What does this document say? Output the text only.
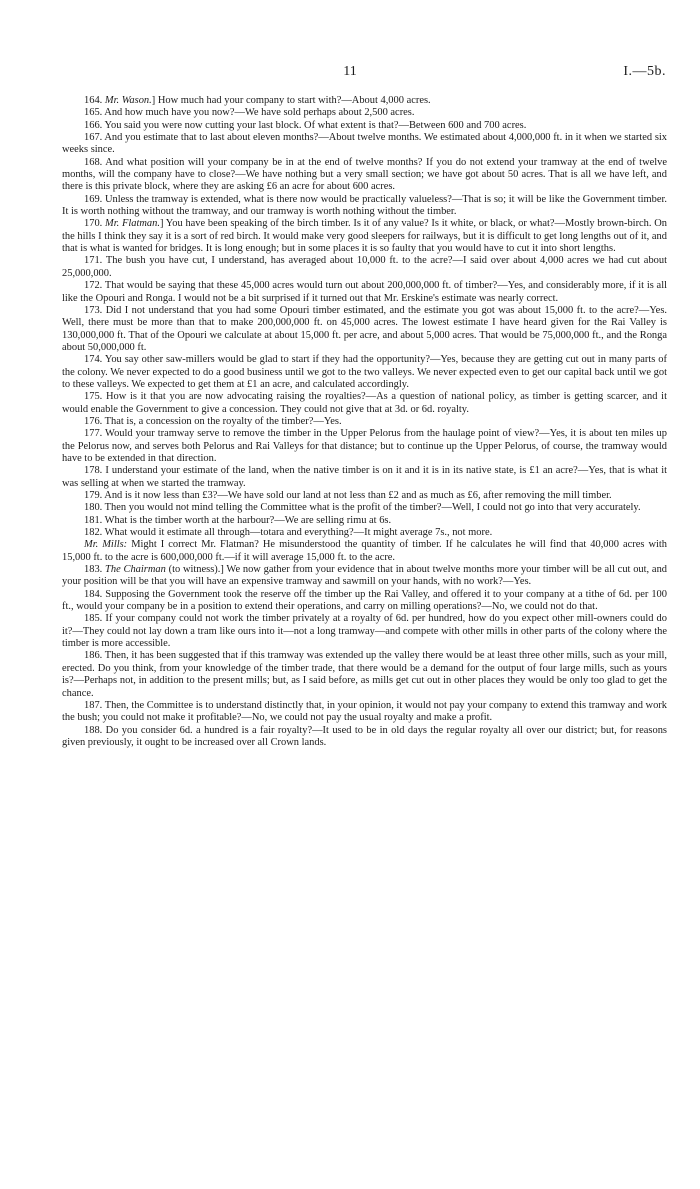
11	I.—5b.

164. Mr. Wason.] How much had your company to start with?—About 4,000 acres.

165. And how much have you now?—We have sold perhaps about 2,500 acres.

166. You said you were now cutting your last block. Of what extent is that?—Between 600 and 700 acres.

167. And you estimate that to last about eleven months?—About twelve months. We estimated about 4,000,000 ft. in it when we started six weeks since.

168. And what position will your company be in at the end of twelve months? If you do not extend your tramway at the end of twelve months, will the company have to close?—We have nothing but a very small section; we have got about 50 acres. That is all we have left, and there is this private block, where they are asking £6 an acre for about 600 acres.

169. Unless the tramway is extended, what is there now would be practically valueless?—That is so; it will be like the Government timber. It is worth nothing without the tramway, and our tramway is worth nothing without the timber.

170. Mr. Flatman.] You have been speaking of the birch timber. Is it of any value? Is it white, or black, or what?—Mostly brown-birch. On the hills I think they say it is a sort of red birch. It would make very good sleepers for railways, but it is difficult to get long lengths out of it, and that is what is wanted for bridges. It is long enough; but in some places it is so faulty that you would have to cut it into short lengths.

171. The bush you have cut, I understand, has averaged about 10,000 ft. to the acre?—I said over about 4,000 acres we had cut about 25,000,000.

172. That would be saying that these 45,000 acres would turn out about 200,000,000 ft. of timber?—Yes, and considerably more, if it is all like the Opouri and Ronga. I would not be a bit surprised if it turned out that Mr. Erskine's estimate was nearly correct.

173. Did I not understand that you had some Opouri timber estimated, and the estimate you got was about 15,000 ft. to the acre?—Yes. Well, there must be more than that to make 200,000,000 ft. on 45,000 acres. The lowest estimate I have heard given for the Rai Valley is 130,000,000 ft. That of the Opouri we calculate at about 15,000 ft. per acre, and about 5,000 acres. That would be 75,000,000 ft., and the Ronga about 50,000,000 ft.

174. You say other saw-millers would be glad to start if they had the opportunity?—Yes, because they are getting cut out in many parts of the colony. We never expected to do a good business until we got to the two valleys. We never expected even to get our capital back until we got to these valleys. We expected to get them at £1 an acre, and calculated accordingly.

175. How is it that you are now advocating raising the royalties?—As a question of national policy, as timber is getting scarcer, and it would enable the Government to give a concession. They could not give that at 3d. or 6d. royalty.

176. That is, a concession on the royalty of the timber?—Yes.

177. Would your tramway serve to remove the timber in the Upper Pelorus from the haulage point of view?—Yes, it is about ten miles up the Pelorus now, and serves both Pelorus and Rai Valleys for that distance; but to continue up the Upper Pelorus, of course, the tramway would have to be extended in that direction.

178. I understand your estimate of the land, when the native timber is on it and it is in its native state, is £1 an acre?—Yes, that is what it was selling at when we started the tramway.

179. And is it now less than £3?—We have sold our land at not less than £2 and as much as £6, after removing the mill timber.

180. Then you would not mind telling the Committee what is the profit of the timber?—Well, I could not go into that very accurately.

181. What is the timber worth at the harbour?—We are selling rimu at 6s.

182. What would it estimate all through—totara and everything?—It might average 7s., not more.

Mr. Mills: Might I correct Mr. Flatman? He misunderstood the quantity of timber. If he calculates he will find that 40,000 acres with 15,000 ft. to the acre is 600,000,000 ft.—if it will average 15,000 ft. to the acre.

183. The Chairman (to witness).] We now gather from your evidence that in about twelve months more your timber will be all cut out, and your position will be that you will have an expensive tramway and sawmill on your hands, with no work?—Yes.

184. Supposing the Government took the reserve off the timber up the Rai Valley, and offered it to your company at a tithe of 6d. per 100 ft., would your company be in a position to extend their operations, and carry on milling operations?—No, we could not do that.

185. If your company could not work the timber privately at a royalty of 6d. per hundred, how do you expect other mill-owners could do it?—They could not lay down a tram like ours into it—not a long tramway—and compete with other mills in other parts of the colony where the timber is more accessible.

186. Then, it has been suggested that if this tramway was extended up the valley there would be at least three other mills, such as your mill, erected. Do you think, from your knowledge of the timber trade, that there would be a demand for the output of four large mills, such as yours is?—Perhaps not, in addition to the present mills; but, as I said before, as mills get cut out in other places they would be only too glad to get the chance.

187. Then, the Committee is to understand distinctly that, in your opinion, it would not pay your company to extend this tramway and work the bush; you could not make it profitable?—No, we could not pay the usual royalty and make a profit.

188. Do you consider 6d. a hundred is a fair royalty?—It used to be in old days the regular royalty all over our district; but, for reasons given previously, it ought to be increased over all Crown lands.
